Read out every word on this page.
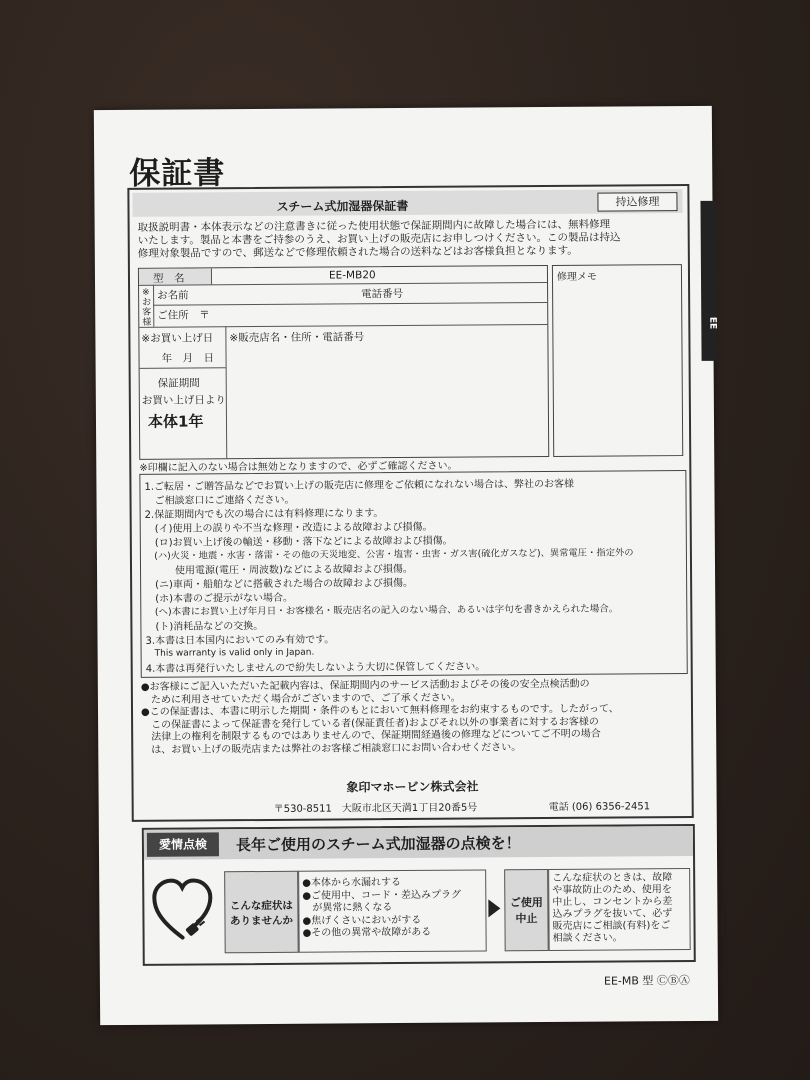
EE
保証書
スチーム式加湿器保証書	持込修理
取扱説明書・本体表示などの注意書きに従った使用状態で保証期間内に故障した場合には、無料修理
いたします。製品と本書をご持参のうえ、お買い上げの販売店にお申しつけください。この製品は持込
修理対象製品ですので、郵送などで修理依頼された場合の送料などはお客様負担となります。
型　名	EE-MB20
※お客様
お名前	電話番号
ご住所　〒
※お買い上げ日
年　月　日
※販売店名・住所・電話番号
保証期間
お買い上げ日より
本体1年
修理メモ
※印欄に記入のない場合は無効となりますので、必ずご確認ください。
1.ご転居・ご贈答品などでお買い上げの販売店に修理をご依頼になれない場合は、弊社のお客様
　ご相談窓口にご連絡ください。
2.保証期間内でも次の場合には有料修理になります。
　(イ)使用上の誤りや不当な修理・改造による故障および損傷。
　(ロ)お買い上げ後の輸送・移動・落下などによる故障および損傷。
　(ハ)火災・地震・水害・落雷・その他の天災地変、公害・塩害・虫害・ガス害(硫化ガスなど)、異常電圧・指定外の
　　　使用電源(電圧・周波数)などによる故障および損傷。
　(ニ)車両・船舶などに搭載された場合の故障および損傷。
　(ホ)本書のご提示がない場合。
　(ヘ)本書にお買い上げ年月日・お客様名・販売店名の記入のない場合、あるいは字句を書きかえられた場合。
　(ト)消耗品などの交換。
3.本書は日本国内においてのみ有効です。
　This warranty is valid only in Japan.
4.本書は再発行いたしませんので紛失しないよう大切に保管してください。
●お客様にご記入いただいた記載内容は、保証期間内のサービス活動およびその後の安全点検活動の
　ために利用させていただく場合がございますので、ご了承ください。
●この保証書は、本書に明示した期間・条件のもとにおいて無料修理をお約束するものです。したがって、
　この保証書によって保証書を発行している者(保証責任者)およびそれ以外の事業者に対するお客様の
　法律上の権利を制限するものではありませんので、保証期間経過後の修理などについてご不明の場合
　は、お買い上げの販売店または弊社のお客様ご相談窓口にお問い合わせください。
象印マホービン株式会社
〒530-8511　大阪市北区天満1丁目20番5号	電話 (06) 6356-2451
愛情点検	長年ご使用のスチーム式加湿器の点検を！
こんな症状は
ありませんか
●本体から水漏れする
●ご使用中、コード・差込みプラグ
　が異常に熱くなる
●焦げくさいにおいがする
●その他の異常や故障がある
ご使用
中止
こんな症状のときは、故障
や事故防止のため、使用を
中止し、コンセントから差
込みプラグを抜いて、必ず
販売店にご相談(有料)をご
相談ください。
EE-MB 型 ⒸⒷⒶ
